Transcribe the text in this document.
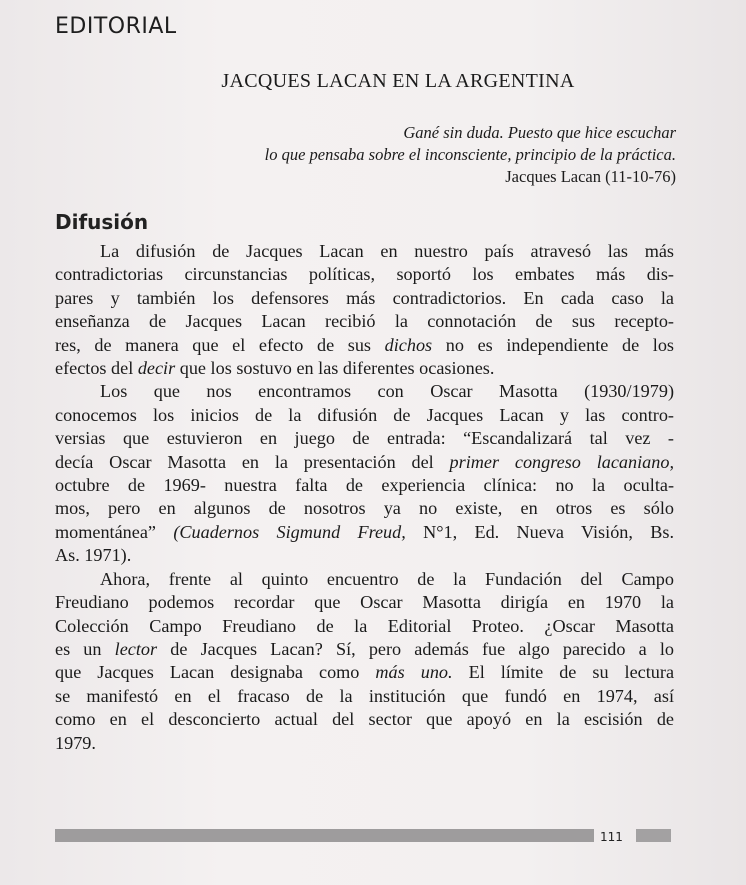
EDITORIAL
JACQUES LACAN EN LA ARGENTINA
Gané sin duda. Puesto que hice escuchar
lo que pensaba sobre el inconsciente, principio de la práctica.
Jacques Lacan (11-10-76)
Difusión
La difusión de Jacques Lacan en nuestro país atravesó las más
contradictorias circunstancias políticas, soportó los embates más dis-
pares y también los defensores más contradictorios. En cada caso la
enseñanza de Jacques Lacan recibió la connotación de sus recepto-
res, de manera que el efecto de sus dichos no es independiente de los
efectos del decir que los sostuvo en las diferentes ocasiones.
Los que nos encontramos con Oscar Masotta (1930/1979)
conocemos los inicios de la difusión de Jacques Lacan y las contro-
versias que estuvieron en juego de entrada: “Escandalizará tal vez -
decía Oscar Masotta en la presentación del primer congreso lacaniano,
octubre de 1969- nuestra falta de experiencia clínica: no la oculta-
mos, pero en algunos de nosotros ya no existe, en otros es sólo
momentánea” (Cuadernos Sigmund Freud, N°1, Ed. Nueva Visión, Bs.
As. 1971).
Ahora, frente al quinto encuentro de la Fundación del Campo
Freudiano podemos recordar que Oscar Masotta dirigía en 1970 la
Colección Campo Freudiano de la Editorial Proteo. ¿Oscar Masotta
es un lector de Jacques Lacan? Sí, pero además fue algo parecido a lo
que Jacques Lacan designaba como más uno. El límite de su lectura
se manifestó en el fracaso de la institución que fundó en 1974, así
como en el desconcierto actual del sector que apoyó en la escisión de
1979.
111
